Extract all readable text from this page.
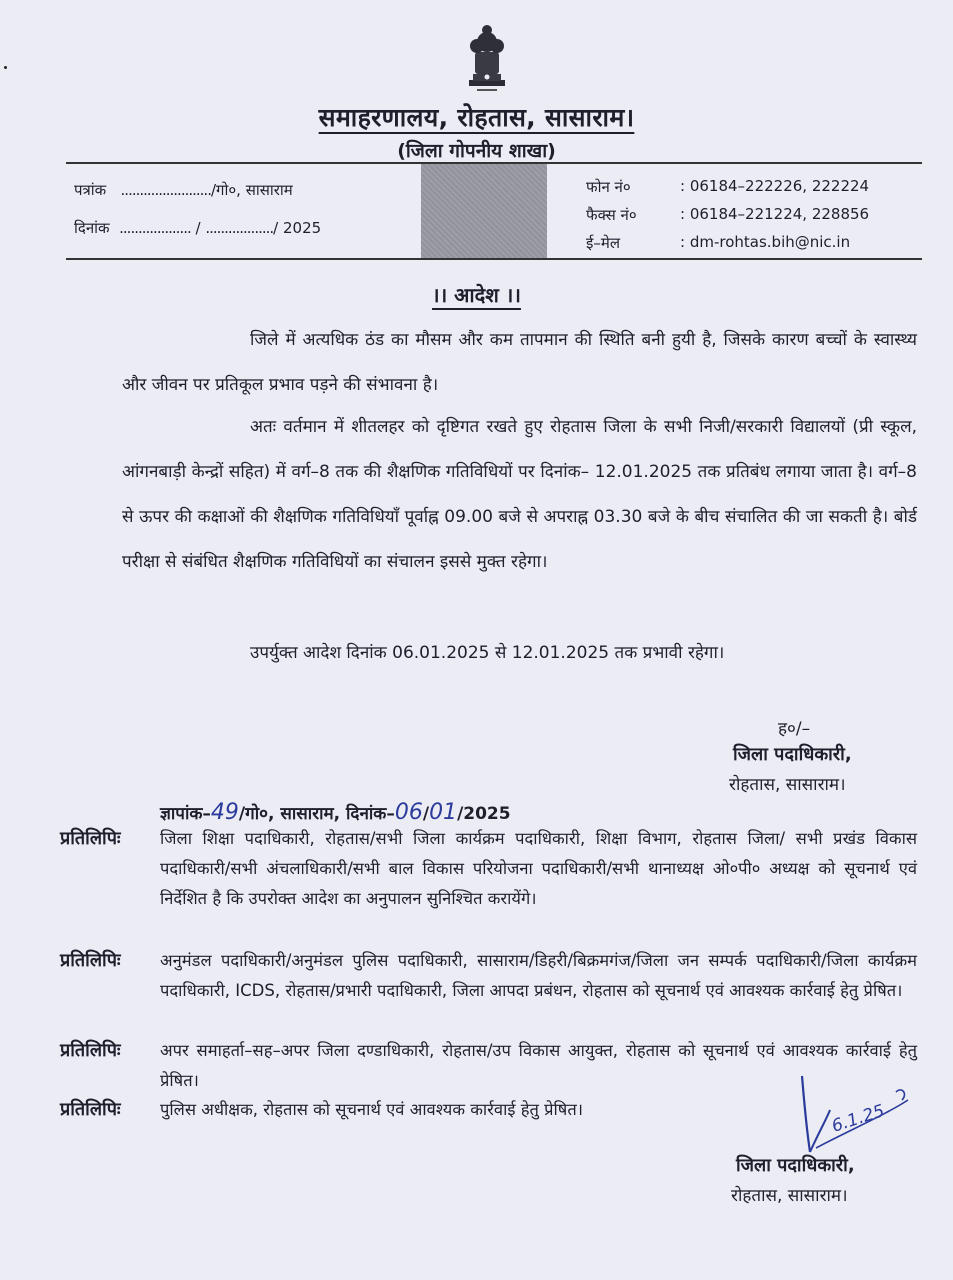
समाहरणालय, रोहतास, सासाराम।
(जिला गोपनीय शाखा)
पत्रांक ......................../गो०, सासाराम
दिनांक ................... / ................../ 2025
फोन नं०	: 06184–222226, 222224
फैक्स नं०	: 06184–221224, 228856
ई–मेल	: dm-rohtas.bih@nic.in
।। आदेश ।।
जिले में अत्यधिक ठंड का मौसम और कम तापमान की स्थिति बनी हुयी है, जिसके कारण बच्चों के स्वास्थ्य और जीवन पर प्रतिकूल प्रभाव पड़ने की संभावना है।
अतः वर्तमान में शीतलहर को दृष्टिगत रखते हुए रोहतास जिला के सभी निजी/सरकारी विद्यालयों (प्री स्कूल, आंगनबाड़ी केन्द्रों सहित) में वर्ग–8 तक की शैक्षणिक गतिविधियों पर दिनांक– 12.01.2025 तक प्रतिबंध लगाया जाता है। वर्ग–8 से ऊपर की कक्षाओं की शैक्षणिक गतिविधियाँ पूर्वाह्न 09.00 बजे से अपराह्न 03.30 बजे के बीच संचालित की जा सकती है। बोर्ड परीक्षा से संबंधित शैक्षणिक गतिविधियों का संचालन इससे मुक्त रहेगा।
उपर्युक्त आदेश दिनांक 06.01.2025 से 12.01.2025 तक प्रभावी रहेगा।
ह०/–
जिला पदाधिकारी,
रोहतास, सासाराम।
ज्ञापांक–49/गो०, सासाराम, दिनांक–06/01/2025
प्रतिलिपिः जिला शिक्षा पदाधिकारी, रोहतास/सभी जिला कार्यक्रम पदाधिकारी, शिक्षा विभाग, रोहतास जिला/ सभी प्रखंड विकास पदाधिकारी/सभी अंचलाधिकारी/सभी बाल विकास परियोजना पदाधिकारी/सभी थानाध्यक्ष ओ०पी० अध्यक्ष को सूचनार्थ एवं निर्देशित है कि उपरोक्त आदेश का अनुपालन सुनिश्चित करायेंगे।
प्रतिलिपिः अनुमंडल पदाधिकारी/अनुमंडल पुलिस पदाधिकारी, सासाराम/डिहरी/बिक्रमगंज/जिला जन सम्पर्क पदाधिकारी/जिला कार्यक्रम पदाधिकारी, ICDS, रोहतास/प्रभारी पदाधिकारी, जिला आपदा प्रबंधन, रोहतास को सूचनार्थ एवं आवश्यक कार्रवाई हेतु प्रेषित।
प्रतिलिपिः अपर समाहर्ता–सह–अपर जिला दण्डाधिकारी, रोहतास/उप विकास आयुक्त, रोहतास को सूचनार्थ एवं आवश्यक कार्रवाई हेतु प्रेषित।
प्रतिलिपिः पुलिस अधीक्षक, रोहतास को सूचनार्थ एवं आवश्यक कार्रवाई हेतु प्रेषित।	6.1.25
जिला पदाधिकारी,
रोहतास, सासाराम।
